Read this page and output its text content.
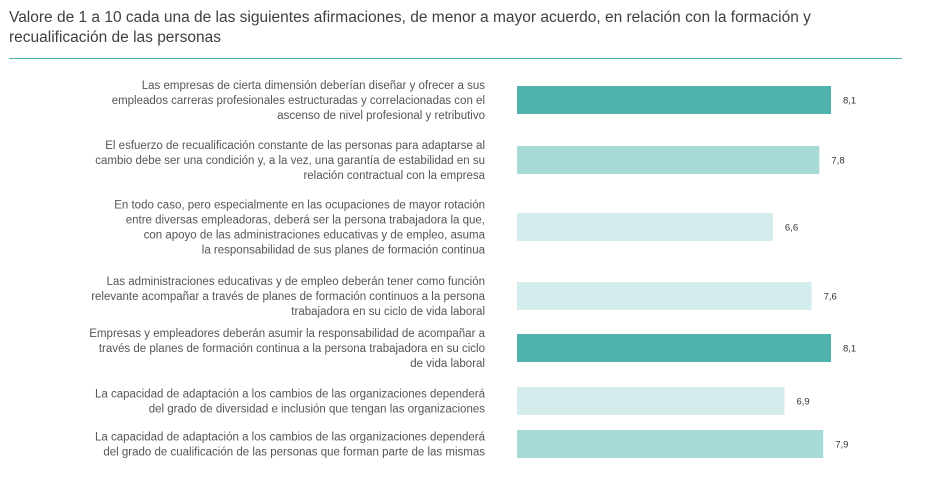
Valore de 1 a 10 cada una de las siguientes afirmaciones, de menor a mayor acuerdo, en relación con la formación y recualificación de las personas
8,1
Las empresas de cierta dimensión deberían diseñar y ofrecer a sus empleados carreras profesionales estructuradas y correlacionadas con el ascenso de nivel profesional y retributivo
7,8
El esfuerzo de recualificación constante de las personas para adaptarse al cambio debe ser una condición y, a la vez, una garantía de estabilidad en su relación contractual con la empresa
6,6
En todo caso, pero especialmente en las ocupaciones de mayor rotación entre diversas empleadoras, deberá ser la persona trabajadora la que, con apoyo de las administraciones educativas y de empleo, asuma la responsabilidad de sus planes de formación continua
7,6
Las administraciones educativas y de empleo deberán tener como función relevante acompañar a través de planes de formación continuos a la persona trabajadora en su ciclo de vida laboral
8,1
Empresas y empleadores deberán asumir la responsabilidad de acompañar a través de planes de formación continua a la persona trabajadora en su ciclo de vida laboral
6,9
La capacidad de adaptación a los cambios de las organizaciones dependerá del grado de diversidad e inclusión que tengan las organizaciones
7,9
La capacidad de adaptación a los cambios de las organizaciones dependerá del grado de cualificación de las personas que forman parte de las mismas
